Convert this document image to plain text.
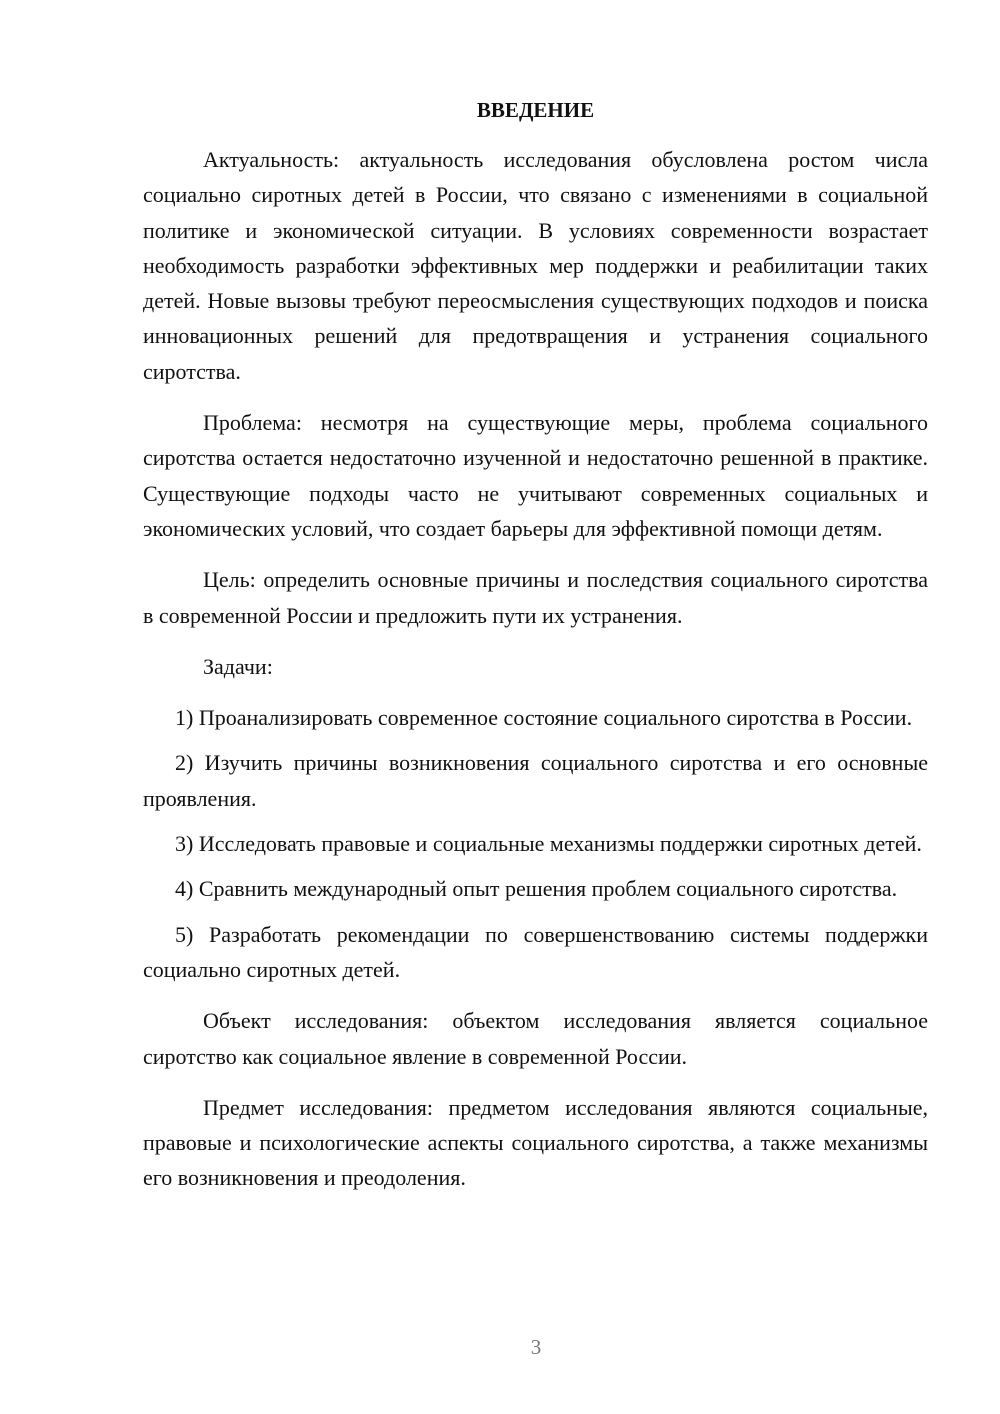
ВВЕДЕНИЕ

Актуальность: актуальность исследования обусловлена ростом числа социально сиротных детей в России, что связано с изменениями в социальной политике и экономической ситуации. В условиях современности возрастает необходимость разработки эффективных мер поддержки и реабилитации таких детей. Новые вызовы требуют переосмысления существующих подходов и поиска инновационных решений для предотвращения и устранения социального сиротства.

Проблема: несмотря на существующие меры, проблема социального сиротства остается недостаточно изученной и недостаточно решенной в практике. Существующие подходы часто не учитывают современных социальных и экономических условий, что создает барьеры для эффективной помощи детям.

Цель: определить основные причины и последствия социального сиротства в современной России и предложить пути их устранения.

Задачи:

1) Проанализировать современное состояние социального сиротства в России.

2) Изучить причины возникновения социального сиротства и его основные проявления.

3) Исследовать правовые и социальные механизмы поддержки сиротных детей.

4) Сравнить международный опыт решения проблем социального сиротства.

5) Разработать рекомендации по совершенствованию системы поддержки социально сиротных детей.

Объект исследования: объектом исследования является социальное сиротство как социальное явление в современной России.

Предмет исследования: предметом исследования являются социальные, правовые и психологические аспекты социального сиротства, а также механизмы его возникновения и преодоления.

3
